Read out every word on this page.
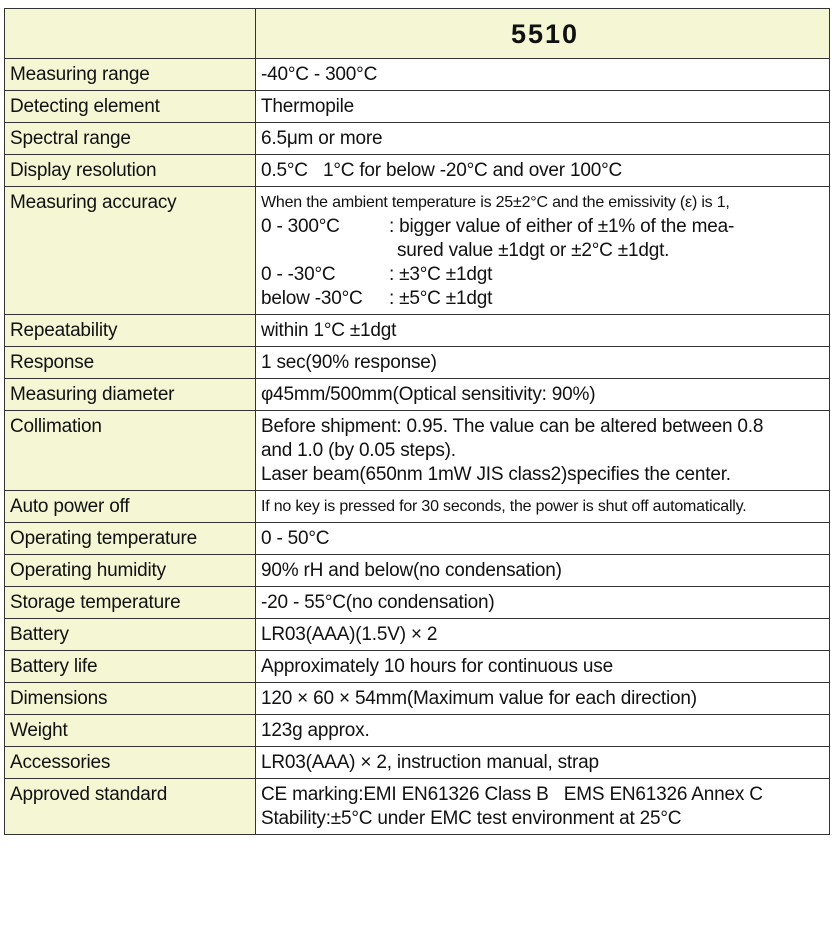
	5510
Measuring range	-40°C - 300°C
Detecting element	Thermopile
Spectral range	6.5μm or more
Display resolution	0.5°C   1°C for below -20°C and over 100°C
Measuring accuracy	When the ambient temperature is 25±2°C and the emissivity (ε) is 1,
0 - 300°C : bigger value of either of ±1% of the mea-
sured value ±1dgt or ±2°C ±1dgt.
0 - -30°C : ±3°C ±1dgt
below -30°C : ±5°C ±1dgt

Repeatability	within 1°C ±1dgt
Response	1 sec(90% response)
Measuring diameter	φ45mm/500mm(Optical sensitivity: 90%)
Collimation	Before shipment: 0.95. The value can be altered between 0.8
and 1.0 (by 0.05 steps).
Laser beam(650nm 1mW JIS class2)specifies the center.

Auto power off	If no key is pressed for 30 seconds, the power is shut off automatically.
Operating temperature	0 - 50°C
Operating humidity	90% rH and below(no condensation)
Storage temperature	-20 - 55°C(no condensation)
Battery	LR03(AAA)(1.5V) × 2
Battery life	Approximately 10 hours for continuous use
Dimensions	120 × 60 × 54mm(Maximum value for each direction)
Weight	123g approx.
Accessories	LR03(AAA) × 2, instruction manual, strap
Approved standard	CE marking:EMI EN61326 Class B   EMS EN61326 Annex C
Stability:±5°C under EMC test environment at 25°C
